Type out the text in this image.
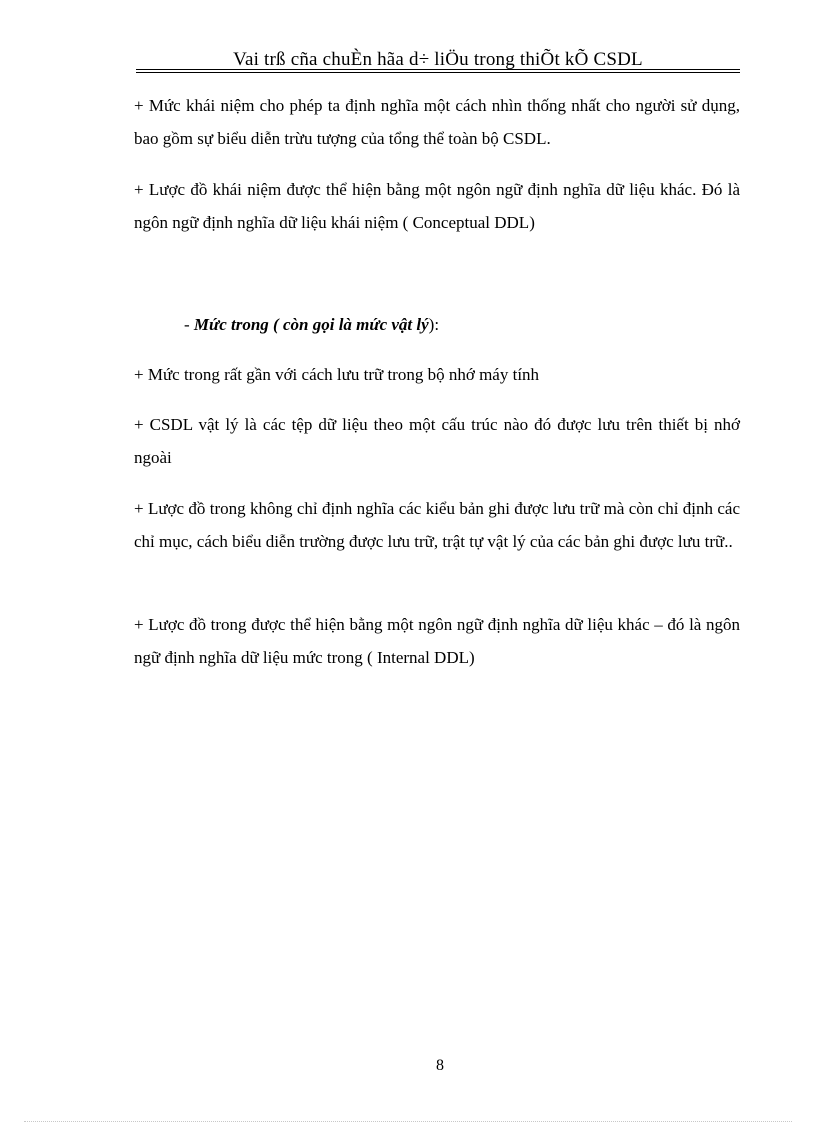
Vai trß cña chuÈn hãa d÷ liÖu trong thiÕt kÕ CSDL

+ Mức khái niệm cho phép ta định nghĩa một cách nhìn thống nhất cho người sử dụng, bao gồm sự biểu diễn trừu tượng của tổng thể toàn bộ CSDL.

+ Lược đồ khái niệm được thể hiện bằng một ngôn ngữ định nghĩa dữ liệu khác. Đó là ngôn ngữ định nghĩa dữ liệu khái niệm ( Conceptual DDL)

- Mức trong ( còn gọi là mức vật lý):

+ Mức trong rất gần với cách lưu trữ trong bộ nhớ máy tính

+ CSDL vật lý là các tệp dữ liệu theo một cấu trúc nào đó được lưu trên thiết bị nhớ ngoài

+ Lược đồ trong không chỉ định nghĩa các kiểu bản ghi được lưu trữ mà còn chỉ định các chỉ mục, cách biểu diễn trường được lưu trữ, trật tự vật lý của các bản ghi được lưu trữ..

+ Lược đồ trong được thể hiện bằng một ngôn ngữ định nghĩa dữ liệu khác – đó là ngôn ngữ định nghĩa dữ liệu mức trong ( Internal DDL)

8
